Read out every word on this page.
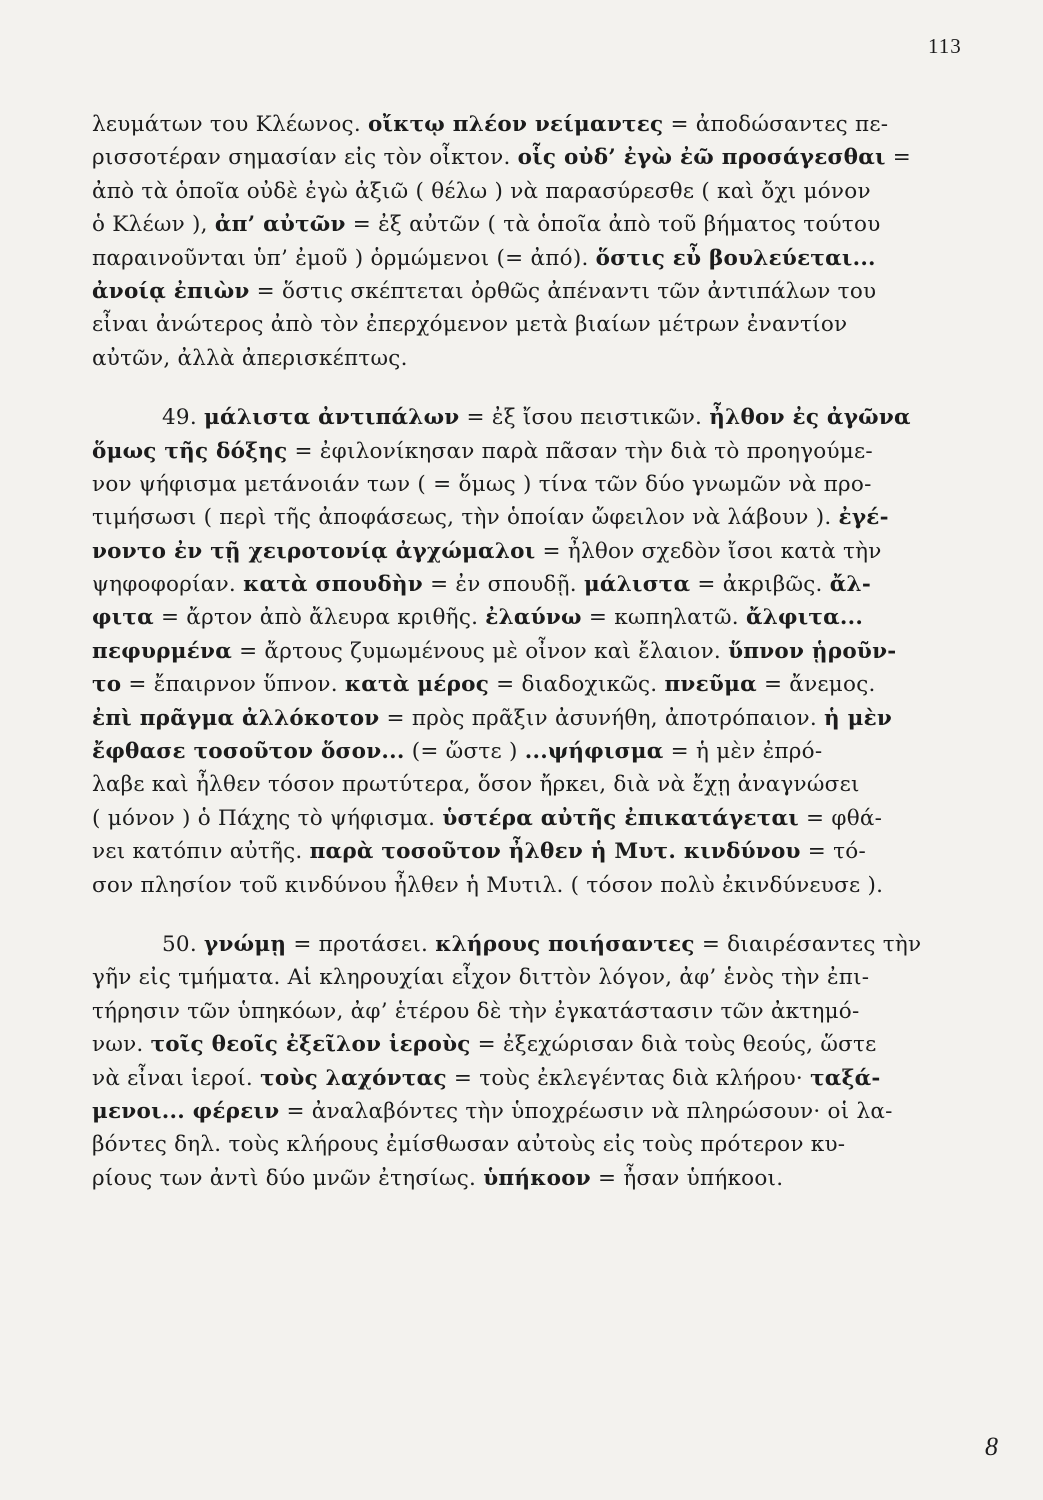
113
λευμάτων του Κλέωνος. οἴκτῳ πλέον νείμαντες = ἀποδώσαντες πε-
ρισσοτέραν σημασίαν εἰς τὸν οἶκτον. οἷς οὐδ’ ἐγὼ ἐῶ προσάγεσθαι =
ἀπὸ τὰ ὁποῖα οὐδὲ ἐγὼ ἀξιῶ ( θέλω ) νὰ παρασύρεσθε ( καὶ ὄχι μόνον
ὁ Κλέων ), ἀπ’ αὐτῶν = ἐξ αὐτῶν ( τὰ ὁποῖα ἀπὸ τοῦ βήματος τούτου
παραινοῦνται ὑπ’ ἐμοῦ ) ὁρμώμενοι (= ἀπό). ὅστις εὖ βουλεύεται...
ἀνοίᾳ ἐπιὼν = ὅστις σκέπτεται ὀρθῶς ἀπέναντι τῶν ἀντιπάλων του
εἶναι ἀνώτερος ἀπὸ τὸν ἐπερχόμενον μετὰ βιαίων μέτρων ἐναντίον
αὐτῶν, ἀλλὰ ἀπερισκέπτως.
49. μάλιστα ἀντιπάλων = ἐξ ἴσου πειστικῶν. ἦλθον ἐς ἀγῶνα
ὅμως τῆς δόξης = ἐφιλονίκησαν παρὰ πᾶσαν τὴν διὰ τὸ προηγούμε-
νον ψήφισμα μετάνοιάν των ( = ὅμως ) τίνα τῶν δύο γνωμῶν νὰ προ-
τιμήσωσι ( περὶ τῆς ἀποφάσεως, τὴν ὁποίαν ὤφειλον νὰ λάβουν ). ἐγέ-
νοντο ἐν τῇ χειροτονίᾳ ἀγχώμαλοι = ἦλθον σχεδὸν ἴσοι κατὰ τὴν
ψηφοφορίαν. κατὰ σπουδὴν = ἐν σπουδῇ. μάλιστα = ἀκριβῶς. ἄλ-
φιτα = ἄρτον ἀπὸ ἄλευρα κριθῆς. ἐλαύνω = κωπηλατῶ. ἄλφιτα...
πεφυρμένα = ἄρτους ζυμωμένους μὲ οἶνον καὶ ἔλαιον. ὕπνον ᾑροῦν-
το = ἔπαιρνον ὕπνον. κατὰ μέρος = διαδοχικῶς. πνεῦμα = ἄνεμος.
ἐπὶ πρᾶγμα ἀλλόκοτον = πρὸς πρᾶξιν ἀσυνήθη, ἀποτρόπαιον. ἡ μὲν
ἔφθασε τοσοῦτον ὅσον... (= ὥστε ) ...ψήφισμα = ἡ μὲν ἐπρό-
λαβε καὶ ἦλθεν τόσον πρωτύτερα, ὅσον ἤρκει, διὰ νὰ ἔχῃ ἀναγνώσει
( μόνον ) ὁ Πάχης τὸ ψήφισμα. ὑστέρα αὐτῆς ἐπικατάγεται = φθά-
νει κατόπιν αὐτῆς. παρὰ τοσοῦτον ἦλθεν ἡ Μυτ. κινδύνου = τό-
σον πλησίον τοῦ κινδύνου ἦλθεν ἡ Μυτιλ. ( τόσον πολὺ ἐκινδύνευσε ).
50. γνώμῃ = προτάσει. κλήρους ποιήσαντες = διαιρέσαντες τὴν
γῆν εἰς τμήματα. Αἱ κληρουχίαι εἶχον διττὸν λόγον, ἀφ’ ἑνὸς τὴν ἐπι-
τήρησιν τῶν ὑπηκόων, ἀφ’ ἑτέρου δὲ τὴν ἐγκατάστασιν τῶν ἀκτημό-
νων. τοῖς θεοῖς ἐξεῖλον ἱεροὺς = ἐξεχώρισαν διὰ τοὺς θεούς, ὥστε
νὰ εἶναι ἱεροί. τοὺς λαχόντας = τοὺς ἐκλεγέντας διὰ κλήρου· ταξά-
μενοι... φέρειν = ἀναλαβόντες τὴν ὑποχρέωσιν νὰ πληρώσουν· οἱ λα-
βόντες δηλ. τοὺς κλήρους ἐμίσθωσαν αὐτοὺς εἰς τοὺς πρότερον κυ-
ρίους των ἀντὶ δύο μνῶν ἐτησίως. ὑπήκοον = ἦσαν ὑπήκοοι.
8
